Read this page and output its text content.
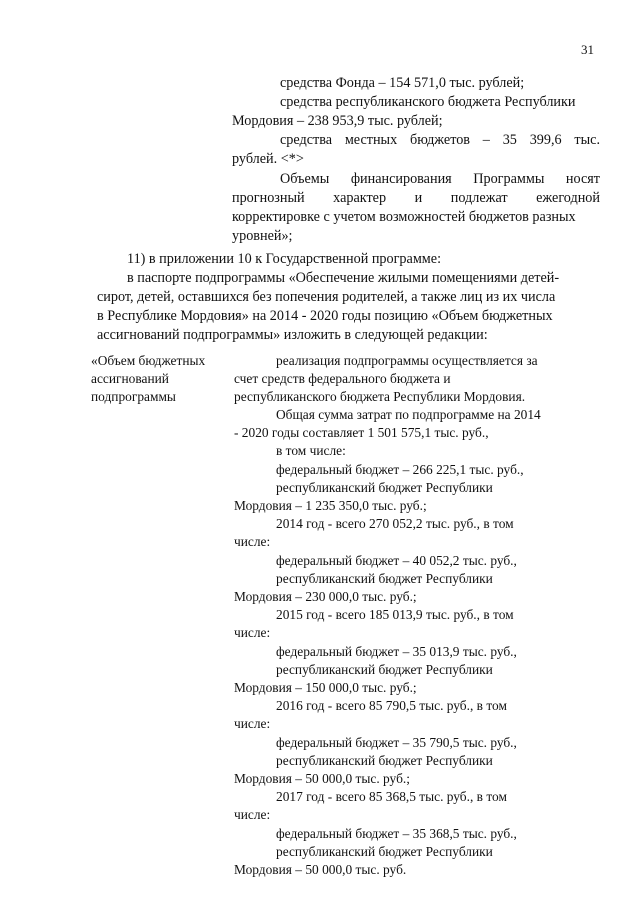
31
средства Фонда – 154 571,0 тыс. рублей;
средства республиканского бюджета Республики
Мордовия – 238 953,9 тыс. рублей;
средства местных бюджетов – 35 399,6 тыс.
рублей. <*>
Объемы финансирования Программы носят
прогнозный характер и подлежат ежегодной
корректировке с учетом возможностей бюджетов разных
уровней»;
11) в приложении 10 к Государственной программе:
в паспорте подпрограммы «Обеспечение жилыми помещениями детей-
сирот, детей, оставшихся без попечения родителей, а также лиц из их числа
в Республике Мордовия» на 2014 - 2020 годы позицию «Объем бюджетных
ассигнований подпрограммы» изложить в следующей редакции:
«Объем бюджетных
ассигнований
подпрограммы
реализация подпрограммы осуществляется за
счет средств федерального бюджета и
республиканского бюджета Республики Мордовия.
Общая сумма затрат по подпрограмме на 2014
- 2020 годы составляет 1 501 575,1 тыс. руб.,
в том числе:
федеральный бюджет – 266 225,1 тыс. руб.,
республиканский бюджет Республики
Мордовия – 1 235 350,0 тыс. руб.;
2014 год - всего 270 052,2 тыс. руб., в том
числе:
федеральный бюджет – 40 052,2 тыс. руб.,
республиканский бюджет Республики
Мордовия – 230 000,0 тыс. руб.;
2015 год - всего 185 013,9 тыс. руб., в том
числе:
федеральный бюджет – 35 013,9 тыс. руб.,
республиканский бюджет Республики
Мордовия – 150 000,0 тыс. руб.;
2016 год - всего 85 790,5 тыс. руб., в том
числе:
федеральный бюджет – 35 790,5 тыс. руб.,
республиканский бюджет Республики
Мордовия – 50 000,0 тыс. руб.;
2017 год - всего 85 368,5 тыс. руб., в том
числе:
федеральный бюджет – 35 368,5 тыс. руб.,
республиканский бюджет Республики
Мордовия – 50 000,0 тыс. руб.
